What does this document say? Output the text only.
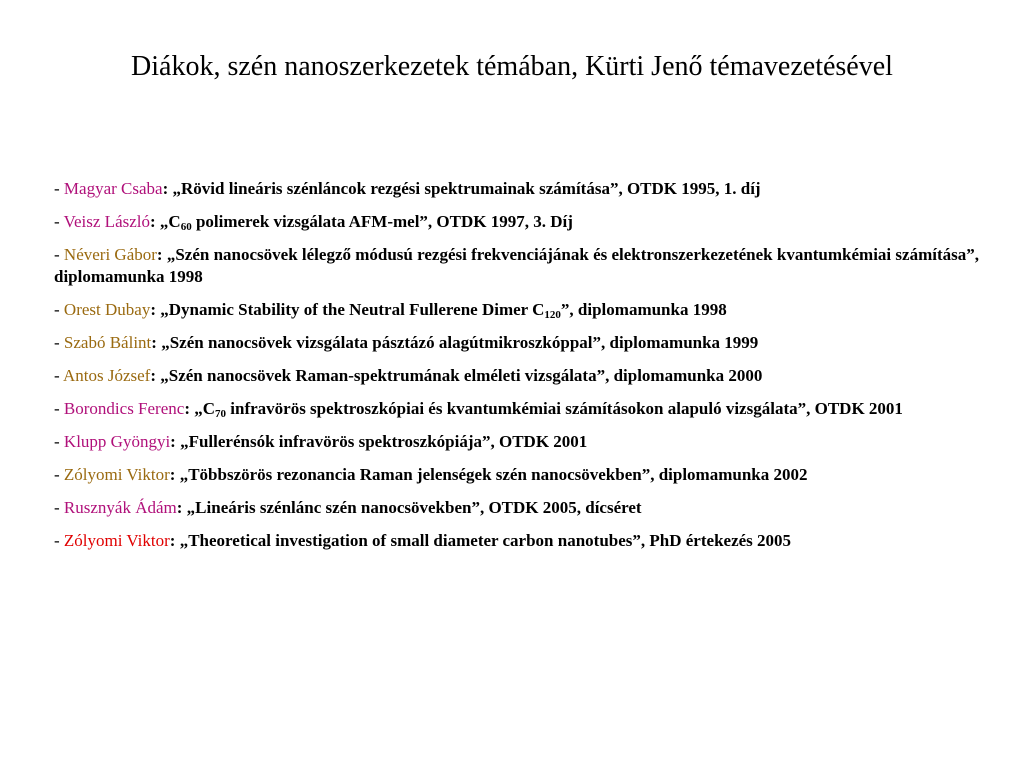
Diákok, szén nanoszerkezetek témában, Kürti Jenő témavezetésével
- Magyar Csaba: „Rövid lineáris szénláncok rezgési spektrumainak számítása”, OTDK 1995, 1. díj
- Veisz László: $„C_{60}$ polimerek vizsgálata AFM-mel”, OTDK 1997, 3. Díj
- Néveri Gábor: „Szén nanocsövek lélegző módusú rezgési frekvenciájának és elektronszerkezetének kvantumkémiai számítása”, diplomamunka 1998
- Orest Dubay: „Dynamic Stability of the Neutral Fullerene Dimer $C_{120}$”, diplomamunka 1998
- Szabó Bálint: „Szén nanocsövek vizsgálata pásztázó alagútmikroszkóppal”, diplomamunka 1999
- Antos József: „Szén nanocsövek Raman-spektrumának elméleti vizsgálata”, diplomamunka 2000
- Borondics Ferenc: $„C_{70}$ infravörös spektroszkópiai és kvantumkémiai számításokon alapuló vizsgálata”, OTDK 2001
- Klupp Gyöngyi: „Fullerénsók infravörös spektroszkópiája”, OTDK 2001
- Zólyomi Viktor: „Többszörös rezonancia Raman jelenségek szén nanocsövekben”, diplomamunka 2002
- Rusznyák Ádám: „Lineáris szénlánc szén nanocsövekben”, OTDK 2005, dícséret
- Zólyomi Viktor: „Theoretical investigation of small diameter carbon nanotubes”, PhD értekezés 2005
